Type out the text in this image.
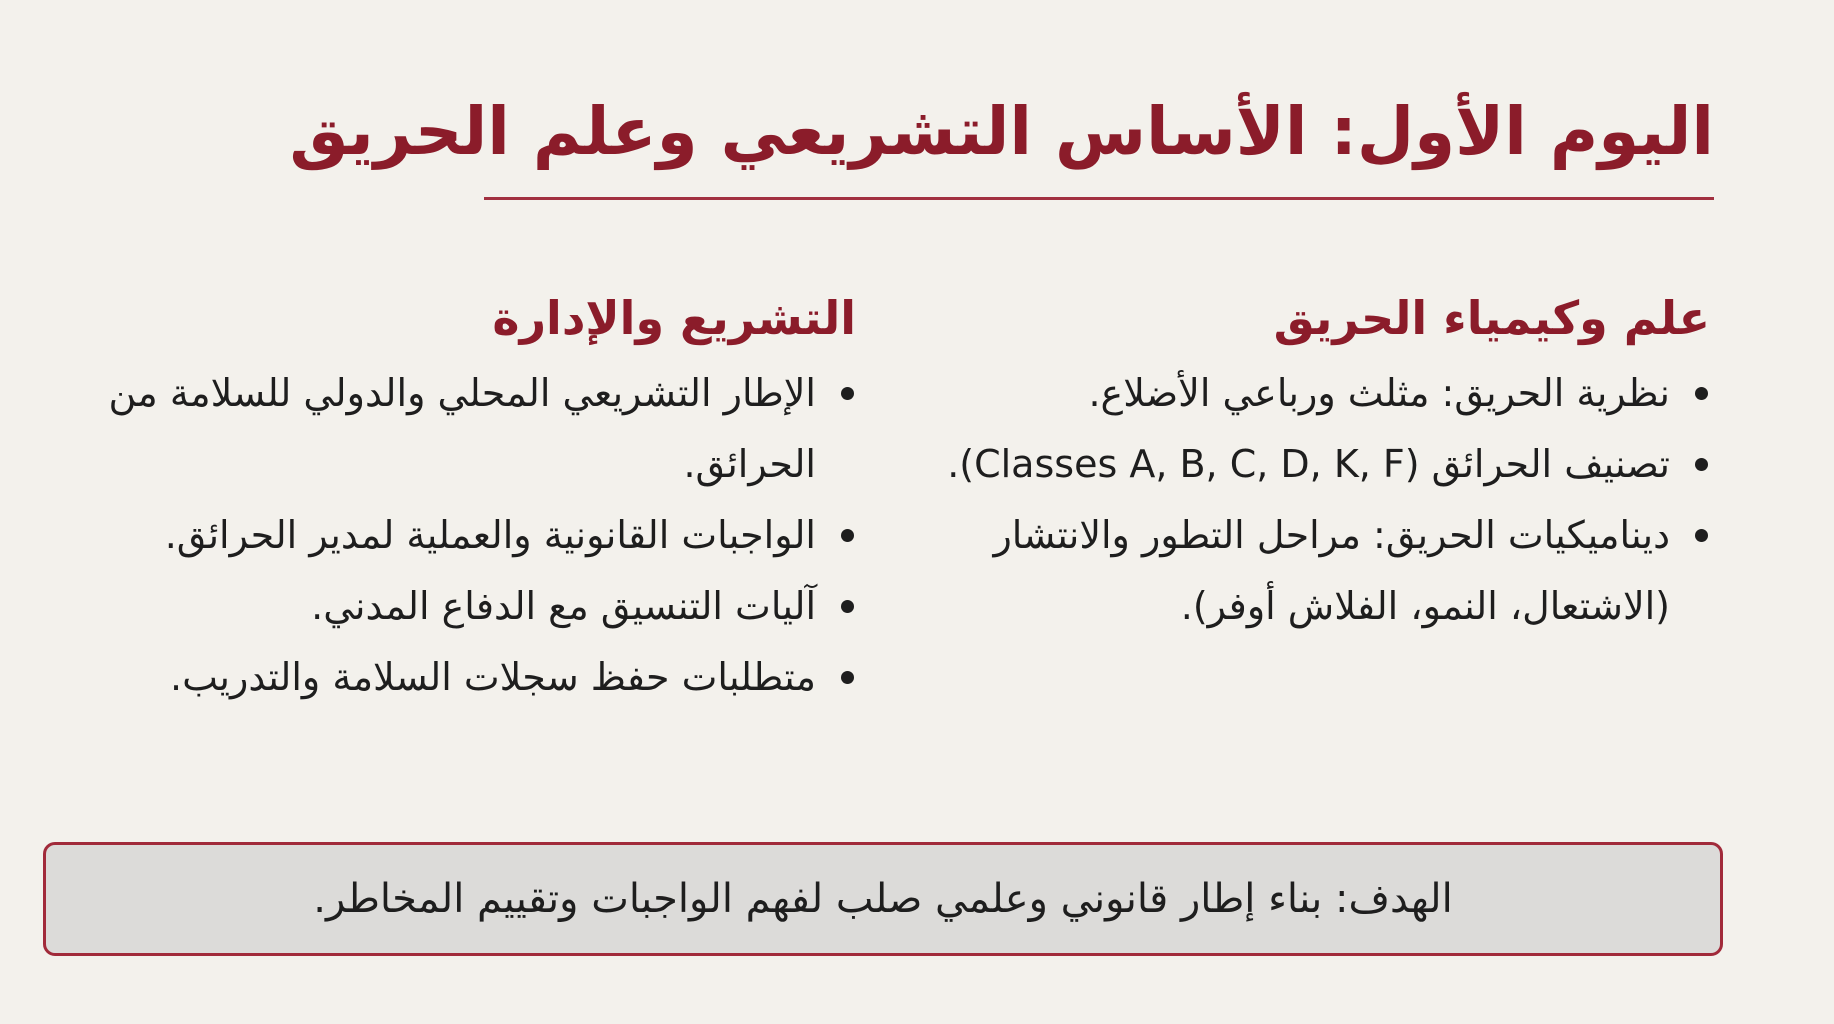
اليوم الأول: الأساس التشريعي وعلم الحريق
علم وكيمياء الحريق
نظرية الحريق: مثلث ورباعي الأضلاع.
تصنيف الحرائق (Classes A, B, C, D, K, F).
ديناميكيات الحريق: مراحل التطور والانتشار (الاشتعال، النمو، الفلاش أوفر).
التشريع والإدارة
الإطار التشريعي المحلي والدولي للسلامة من الحرائق.
الواجبات القانونية والعملية لمدير الحرائق.
آليات التنسيق مع الدفاع المدني.
متطلبات حفظ سجلات السلامة والتدريب.
الهدف: بناء إطار قانوني وعلمي صلب لفهم الواجبات وتقييم المخاطر.
